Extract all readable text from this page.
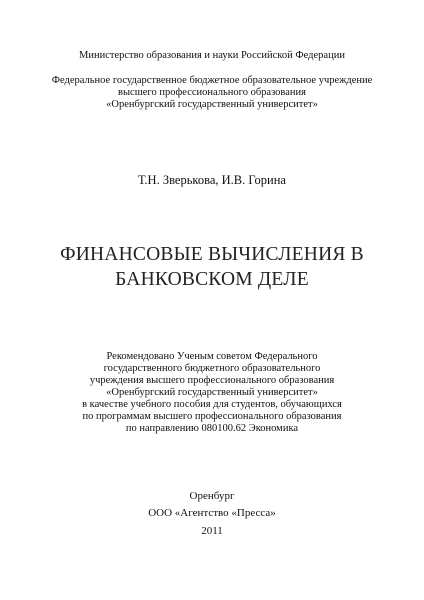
Министерство образования и науки Российской Федерации
Федеральное государственное бюджетное образовательное учреждение
высшего профессионального образования
«Оренбургский государственный университет»
Т.Н. Зверькова, И.В. Горина
ФИНАНСОВЫЕ ВЫЧИСЛЕНИЯ В
БАНКОВСКОМ ДЕЛЕ
Рекомендовано Ученым советом Федерального
государственного бюджетного образовательного
учреждения высшего профессионального образования
«Оренбургский государственный университет»
в качестве учебного пособия для студентов, обучающихся
по программам высшего профессионального образования
по направлению 080100.62 Экономика
Оренбург
ООО «Агентство «Пресса»
2011
